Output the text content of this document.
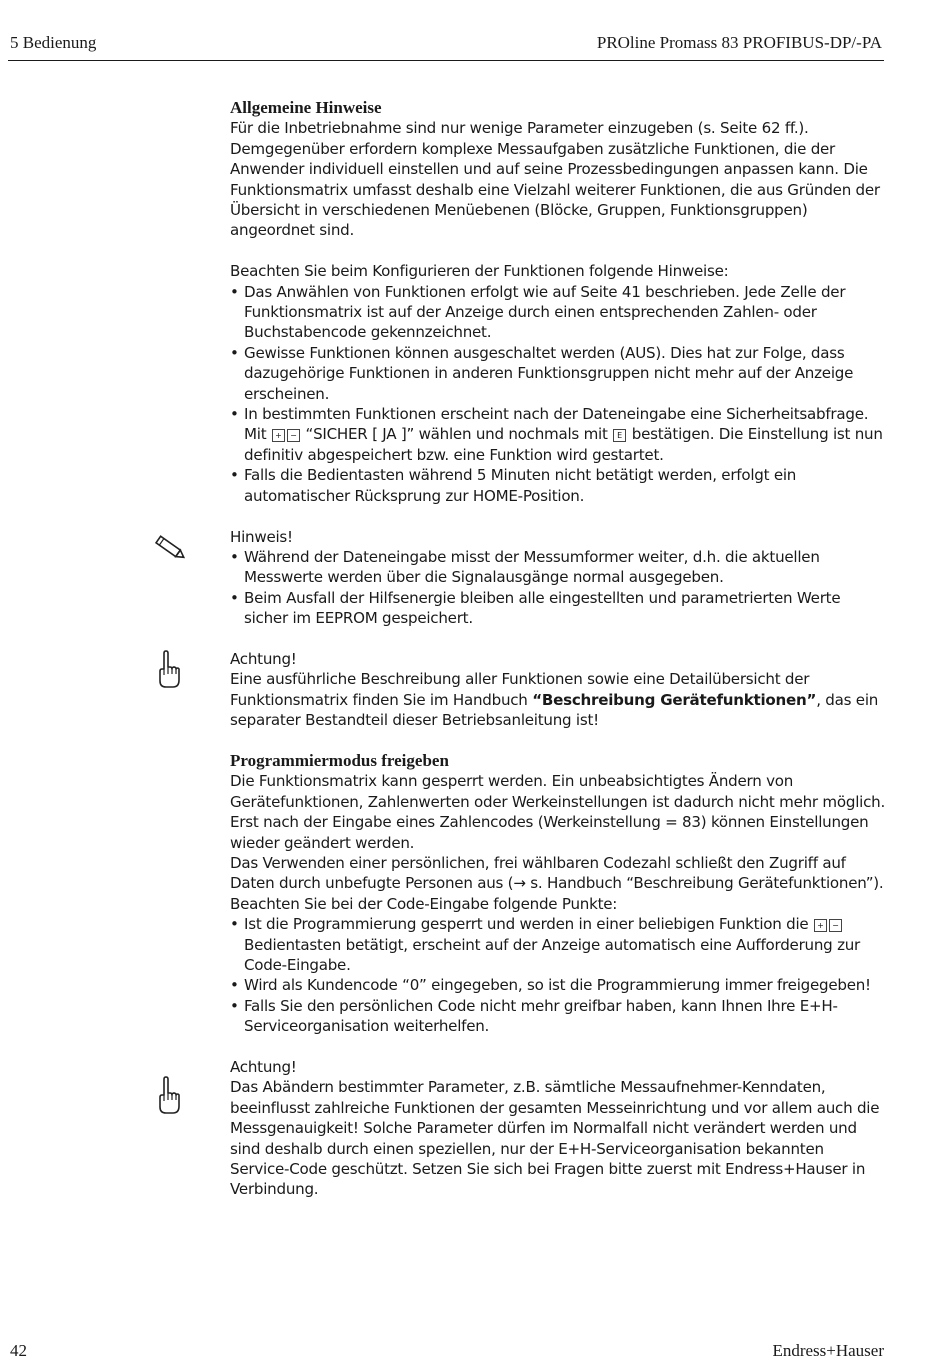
5 Bedienung	PROline Promass 83 PROFIBUS-DP/-PA
Allgemeine Hinweise

Für die Inbetriebnahme sind nur wenige Parameter einzugeben (s. Seite 62 ff.). Demgegenüber erfordern komplexe Messaufgaben zusätzliche Funktionen, die der Anwender individuell einstellen und auf seine Prozessbedingungen anpassen kann. Die Funktionsmatrix umfasst deshalb eine Vielzahl weiterer Funktionen, die aus Gründen der Übersicht in verschiedenen Menüebenen (Blöcke, Gruppen, Funktionsgruppen) angeordnet sind.

Beachten Sie beim Konfigurieren der Funktionen folgende Hinweise:

• Das Anwählen von Funktionen erfolgt wie auf Seite 41 beschrieben. Jede Zelle der Funktionsmatrix ist auf der Anzeige durch einen entsprechenden Zahlen- oder Buchstabencode gekennzeichnet.
• Gewisse Funktionen können ausgeschaltet werden (AUS). Dies hat zur Folge, dass dazugehörige Funktionen in anderen Funktionsgruppen nicht mehr auf der Anzeige erscheinen.
• In bestimmten Funktionen erscheint nach der Dateneingabe eine Sicherheitsabfrage. Mit + − “SICHER [ JA ]” wählen und nochmals mit E bestätigen. Die Einstellung ist nun definitiv abgespeichert bzw. eine Funktion wird gestartet.
• Falls die Bedientasten während 5 Minuten nicht betätigt werden, erfolgt ein automatischer Rücksprung zur HOME-Position.

Hinweis!

• Während der Dateneingabe misst der Messumformer weiter, d.h. die aktuellen Messwerte werden über die Signalausgänge normal ausgegeben.
• Beim Ausfall der Hilfsenergie bleiben alle eingestellten und parametrierten Werte sicher im EEPROM gespeichert.

Achtung!

Eine ausführliche Beschreibung aller Funktionen sowie eine Detailübersicht der Funktionsmatrix finden Sie im Handbuch “Beschreibung Gerätefunktionen”, das ein separater Bestandteil dieser Betriebsanleitung ist!

Programmiermodus freigeben

Die Funktionsmatrix kann gesperrt werden. Ein unbeabsichtigtes Ändern von Gerätefunktionen, Zahlenwerten oder Werkeinstellungen ist dadurch nicht mehr möglich. Erst nach der Eingabe eines Zahlencodes (Werkeinstellung = 83) können Einstellungen wieder geändert werden.

Das Verwenden einer persönlichen, frei wählbaren Codezahl schließt den Zugriff auf Daten durch unbefugte Personen aus (→ s. Handbuch “Beschreibung Gerätefunktionen”).

Beachten Sie bei der Code-Eingabe folgende Punkte:

• Ist die Programmierung gesperrt und werden in einer beliebigen Funktion die + − Bedientasten betätigt, erscheint auf der Anzeige automatisch eine Aufforderung zur Code-Eingabe.
• Wird als Kundencode “0” eingegeben, so ist die Programmierung immer freigegeben!
• Falls Sie den persönlichen Code nicht mehr greifbar haben, kann Ihnen Ihre E+H-Serviceorganisation weiterhelfen.

Achtung!

Das Abändern bestimmter Parameter, z.B. sämtliche Messaufnehmer-Kenndaten, beeinflusst zahlreiche Funktionen der gesamten Messeinrichtung und vor allem auch die Messgenauigkeit! Solche Parameter dürfen im Normalfall nicht verändert werden und sind deshalb durch einen speziellen, nur der E+H-Serviceorganisation bekannten Service-Code geschützt. Setzen Sie sich bei Fragen bitte zuerst mit Endress+Hauser in Verbindung.

42	Endress+Hauser
